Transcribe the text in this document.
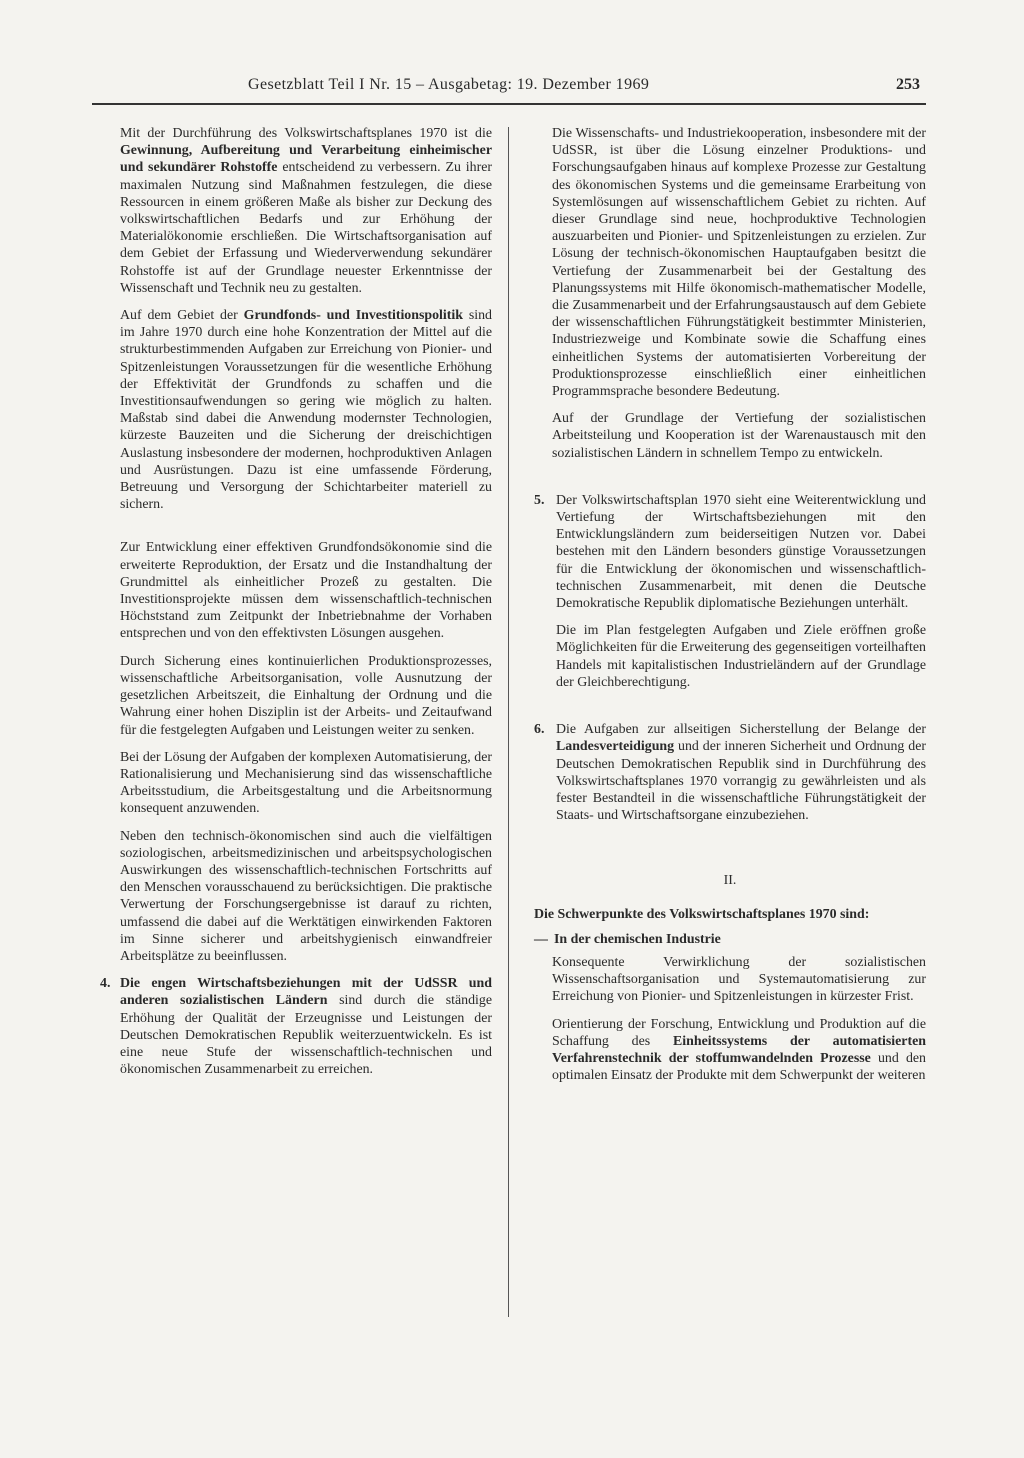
Gesetzblatt Teil I Nr. 15 – Ausgabetag: 19. Dezember 1969	253

Mit der Durchführung des Volkswirtschaftsplanes 1970 ist die Gewinnung, Aufbereitung und Verarbeitung einheimischer und sekundärer Rohstoffe entscheidend zu verbessern. Zu ihrer maximalen Nutzung sind Maßnahmen festzulegen, die diese Ressourcen in einem größeren Maße als bisher zur Deckung des volkswirtschaftlichen Bedarfs und zur Erhöhung der Materialökonomie erschließen. Die Wirtschaftsorganisation auf dem Gebiet der Erfassung und Wiederverwendung sekundärer Rohstoffe ist auf der Grundlage neuester Erkenntnisse der Wissenschaft und Technik neu zu gestalten.

Auf dem Gebiet der Grundfonds- und Investitionspolitik sind im Jahre 1970 durch eine hohe Konzentration der Mittel auf die strukturbestimmenden Aufgaben zur Erreichung von Pionier- und Spitzenleistungen Voraussetzungen für die wesentliche Erhöhung der Effektivität der Grundfonds zu schaffen und die Investitionsaufwendungen so gering wie möglich zu halten. Maßstab sind dabei die Anwendung modernster Technologien, kürzeste Bauzeiten und die Sicherung der dreischichtigen Auslastung insbesondere der modernen, hochproduktiven Anlagen und Ausrüstungen. Dazu ist eine umfassende Förderung, Betreuung und Versorgung der Schichtarbeiter materiell zu sichern.

Zur Entwicklung einer effektiven Grundfondsökonomie sind die erweiterte Reproduktion, der Ersatz und die Instandhaltung der Grundmittel als einheitlicher Prozeß zu gestalten. Die Investitionsprojekte müssen dem wissenschaftlich-technischen Höchststand zum Zeitpunkt der Inbetriebnahme der Vorhaben entsprechen und von den effektivsten Lösungen ausgehen.

Durch Sicherung eines kontinuierlichen Produktionsprozesses, wissenschaftliche Arbeitsorganisation, volle Ausnutzung der gesetzlichen Arbeitszeit, die Einhaltung der Ordnung und die Wahrung einer hohen Disziplin ist der Arbeits- und Zeitaufwand für die festgelegten Aufgaben und Leistungen weiter zu senken.

Bei der Lösung der Aufgaben der komplexen Automatisierung, der Rationalisierung und Mechanisierung sind das wissenschaftliche Arbeitsstudium, die Arbeitsgestaltung und die Arbeitsnormung konsequent anzuwenden.

Neben den technisch-ökonomischen sind auch die vielfältigen soziologischen, arbeitsmedizinischen und arbeitspsychologischen Auswirkungen des wissenschaftlich-technischen Fortschritts auf den Menschen vorausschauend zu berücksichtigen. Die praktische Verwertung der Forschungsergebnisse ist darauf zu richten, umfassend die dabei auf die Werktätigen einwirkenden Faktoren im Sinne sicherer und arbeitshygienisch einwandfreier Arbeitsplätze zu beeinflussen.

4. Die engen Wirtschaftsbeziehungen mit der UdSSR und anderen sozialistischen Ländern sind durch die ständige Erhöhung der Qualität der Erzeugnisse und Leistungen der Deutschen Demokratischen Republik weiterzuentwickeln. Es ist eine neue Stufe der wissenschaftlich-technischen und ökonomischen Zusammenarbeit zu erreichen.

Die Wissenschafts- und Industriekooperation, insbesondere mit der UdSSR, ist über die Lösung einzelner Produktions- und Forschungsaufgaben hinaus auf komplexe Prozesse zur Gestaltung des ökonomischen Systems und die gemeinsame Erarbeitung von Systemlösungen auf wissenschaftlichem Gebiet zu richten. Auf dieser Grundlage sind neue, hochproduktive Technologien auszuarbeiten und Pionier- und Spitzenleistungen zu erzielen. Zur Lösung der technisch-ökonomischen Hauptaufgaben besitzt die Vertiefung der Zusammenarbeit bei der Gestaltung des Planungssystems mit Hilfe ökonomisch-mathematischer Modelle, die Zusammenarbeit und der Erfahrungsaustausch auf dem Gebiete der wissenschaftlichen Führungstätigkeit bestimmter Ministerien, Industriezweige und Kombinate sowie die Schaffung eines einheitlichen Systems der automatisierten Vorbereitung der Produktionsprozesse einschließlich einer einheitlichen Programmsprache besondere Bedeutung.

Auf der Grundlage der Vertiefung der sozialistischen Arbeitsteilung und Kooperation ist der Warenaustausch mit den sozialistischen Ländern in schnellem Tempo zu entwickeln.

5. Der Volkswirtschaftsplan 1970 sieht eine Weiterentwicklung und Vertiefung der Wirtschaftsbeziehungen mit den Entwicklungsländern zum beiderseitigen Nutzen vor. Dabei bestehen mit den Ländern besonders günstige Voraussetzungen für die Entwicklung der ökonomischen und wissenschaftlich-technischen Zusammenarbeit, mit denen die Deutsche Demokratische Republik diplomatische Beziehungen unterhält.

Die im Plan festgelegten Aufgaben und Ziele eröffnen große Möglichkeiten für die Erweiterung des gegenseitigen vorteilhaften Handels mit kapitalistischen Industrieländern auf der Grundlage der Gleichberechtigung.

6. Die Aufgaben zur allseitigen Sicherstellung der Belange der Landesverteidigung und der inneren Sicherheit und Ordnung der Deutschen Demokratischen Republik sind in Durchführung des Volkswirtschaftsplanes 1970 vorrangig zu gewährleisten und als fester Bestandteil in die wissenschaftliche Führungstätigkeit der Staats- und Wirtschaftsorgane einzubeziehen.

II.

Die Schwerpunkte des Volkswirtschaftsplanes 1970 sind:

— In der chemischen Industrie

Konsequente Verwirklichung der sozialistischen Wissenschaftsorganisation und Systemautomatisierung zur Erreichung von Pionier- und Spitzenleistungen in kürzester Frist.

Orientierung der Forschung, Entwicklung und Produktion auf die Schaffung des Einheitssystems der automatisierten Verfahrenstechnik der stoffumwandelnden Prozesse und den optimalen Einsatz der Produkte mit dem Schwerpunkt der weiteren
